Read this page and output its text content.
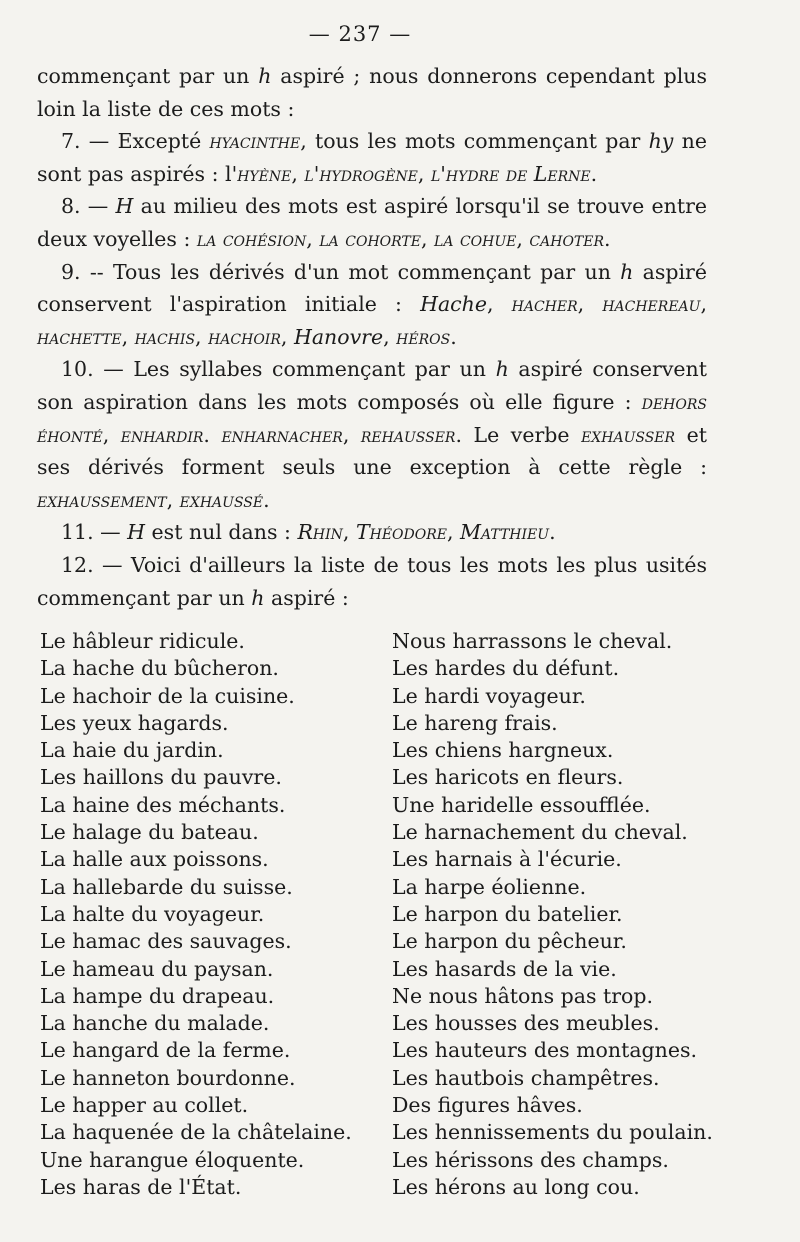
— 237 —

commençant par un h aspiré ; nous donnerons cependant plus loin la liste de ces mots :

7. — Excepté hyacinthe, tous les mots commençant par hy ne sont pas aspirés : l'hyène, l'hydrogène, l'hydre de Lerne.

8. — H au milieu des mots est aspiré lorsqu'il se trouve entre deux voyelles : la cohésion, la cohorte, la cohue, cahoter.

9. -- Tous les dérivés d'un mot commençant par un h aspiré conservent l'aspiration initiale : Hache, hacher, hachereau, hachette, hachis, hachoir, Hanovre, héros.

10. — Les syllabes commençant par un h aspiré conservent son aspiration dans les mots composés où elle figure : dehors éhonté, enhardir. enharnacher, rehausser. Le verbe exhausser et ses dérivés forment seuls une exception à cette règle : exhaussement, exhaussé.

11. — H est nul dans : Rhin, Théodore, Matthieu.

12. — Voici d'ailleurs la liste de tous les mots les plus usités commençant par un h aspiré :

Le hâbleur ridicule.
La hache du bûcheron.
Le hachoir de la cuisine.
Les yeux hagards.
La haie du jardin.
Les haillons du pauvre.
La haine des méchants.
Le halage du bateau.
La halle aux poissons.
La hallebarde du suisse.
La halte du voyageur.
Le hamac des sauvages.
Le hameau du paysan.
La hampe du drapeau.
La hanche du malade.
Le hangard de la ferme.
Le hanneton bourdonne.
Le happer au collet.
La haquenée de la châtelaine.
Une harangue éloquente.
Les haras de l'État.
Nous harrassons le cheval.
Les hardes du défunt.
Le hardi voyageur.
Le hareng frais.
Les chiens hargneux.
Les haricots en fleurs.
Une haridelle essoufflée.
Le harnachement du cheval.
Les harnais à l'écurie.
La harpe éolienne.
Le harpon du batelier.
Le harpon du pêcheur.
Les hasards de la vie.
Ne nous hâtons pas trop.
Les housses des meubles.
Les hauteurs des montagnes.
Les hautbois champêtres.
Des figures hâves.
Les hennissements du poulain.
Les hérissons des champs.
Les hérons au long cou.
